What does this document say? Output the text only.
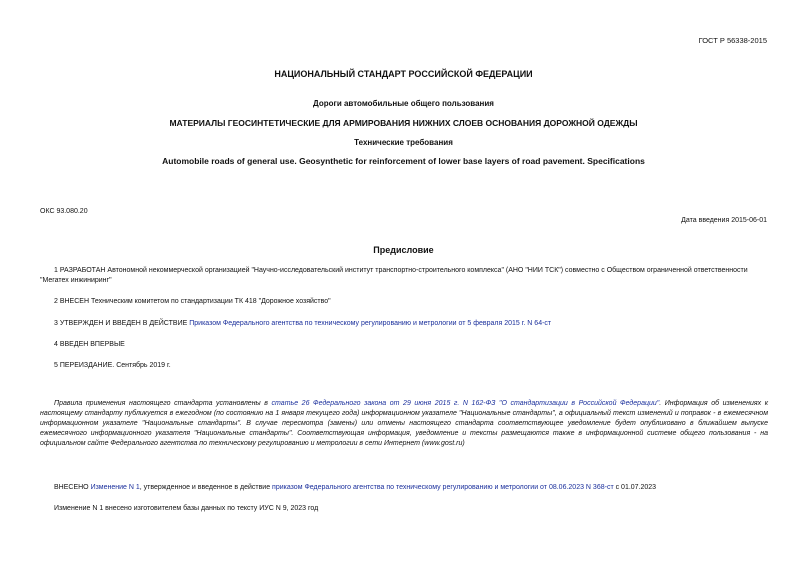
ГОСТ Р 56338-2015
НАЦИОНАЛЬНЫЙ СТАНДАРТ РОССИЙСКОЙ ФЕДЕРАЦИИ
Дороги автомобильные общего пользования
МАТЕРИАЛЫ ГЕОСИНТЕТИЧЕСКИЕ ДЛЯ АРМИРОВАНИЯ НИЖНИХ СЛОЕВ ОСНОВАНИЯ ДОРОЖНОЙ ОДЕЖДЫ
Технические требования
Automobile roads of general use. Geosynthetic for reinforcement of lower base layers of road pavement. Specifications
ОКС 93.080.20
Дата введения 2015-06-01
Предисловие
1 РАЗРАБОТАН Автономной некоммерческой организацией "Научно-исследовательский институт транспортно-строительного комплекса" (АНО "НИИ ТСК") совместно с Обществом ограниченной ответственности "Мегатех инжиниринг"
2 ВНЕСЕН Техническим комитетом по стандартизации ТК 418 "Дорожное хозяйство"
3 УТВЕРЖДЕН И ВВЕДЕН В ДЕЙСТВИЕ Приказом Федерального агентства по техническому регулированию и метрологии от 5 февраля 2015 г. N 64-ст
4 ВВЕДЕН ВПЕРВЫЕ
5 ПЕРЕИЗДАНИЕ. Сентябрь 2019 г.
Правила применения настоящего стандарта установлены в статье 26 Федерального закона от 29 июня 2015 г. N 162-ФЗ "О стандартизации в Российской Федерации". Информация об изменениях к настоящему стандарту публикуется в ежегодном (по состоянию на 1 января текущего года) информационном указателе "Национальные стандарты", а официальный текст изменений и поправок - в ежемесячном информационном указателе "Национальные стандарты". В случае пересмотра (замены) или отмены настоящего стандарта соответствующее уведомление будет опубликовано в ближайшем выпуске ежемесячного информационного указателя "Национальные стандарты". Соответствующая информация, уведомление и тексты размещаются также в информационной системе общего пользования - на официальном сайте Федерального агентства по техническому регулированию и метрологии в сети Интернет (www.gost.ru)
ВНЕСЕНО Изменение N 1, утвержденное и введенное в действие приказом Федерального агентства по техническому регулированию и метрологии от 08.06.2023 N 368-ст с 01.07.2023
Изменение N 1 внесено изготовителем базы данных по тексту ИУС N 9, 2023 год
